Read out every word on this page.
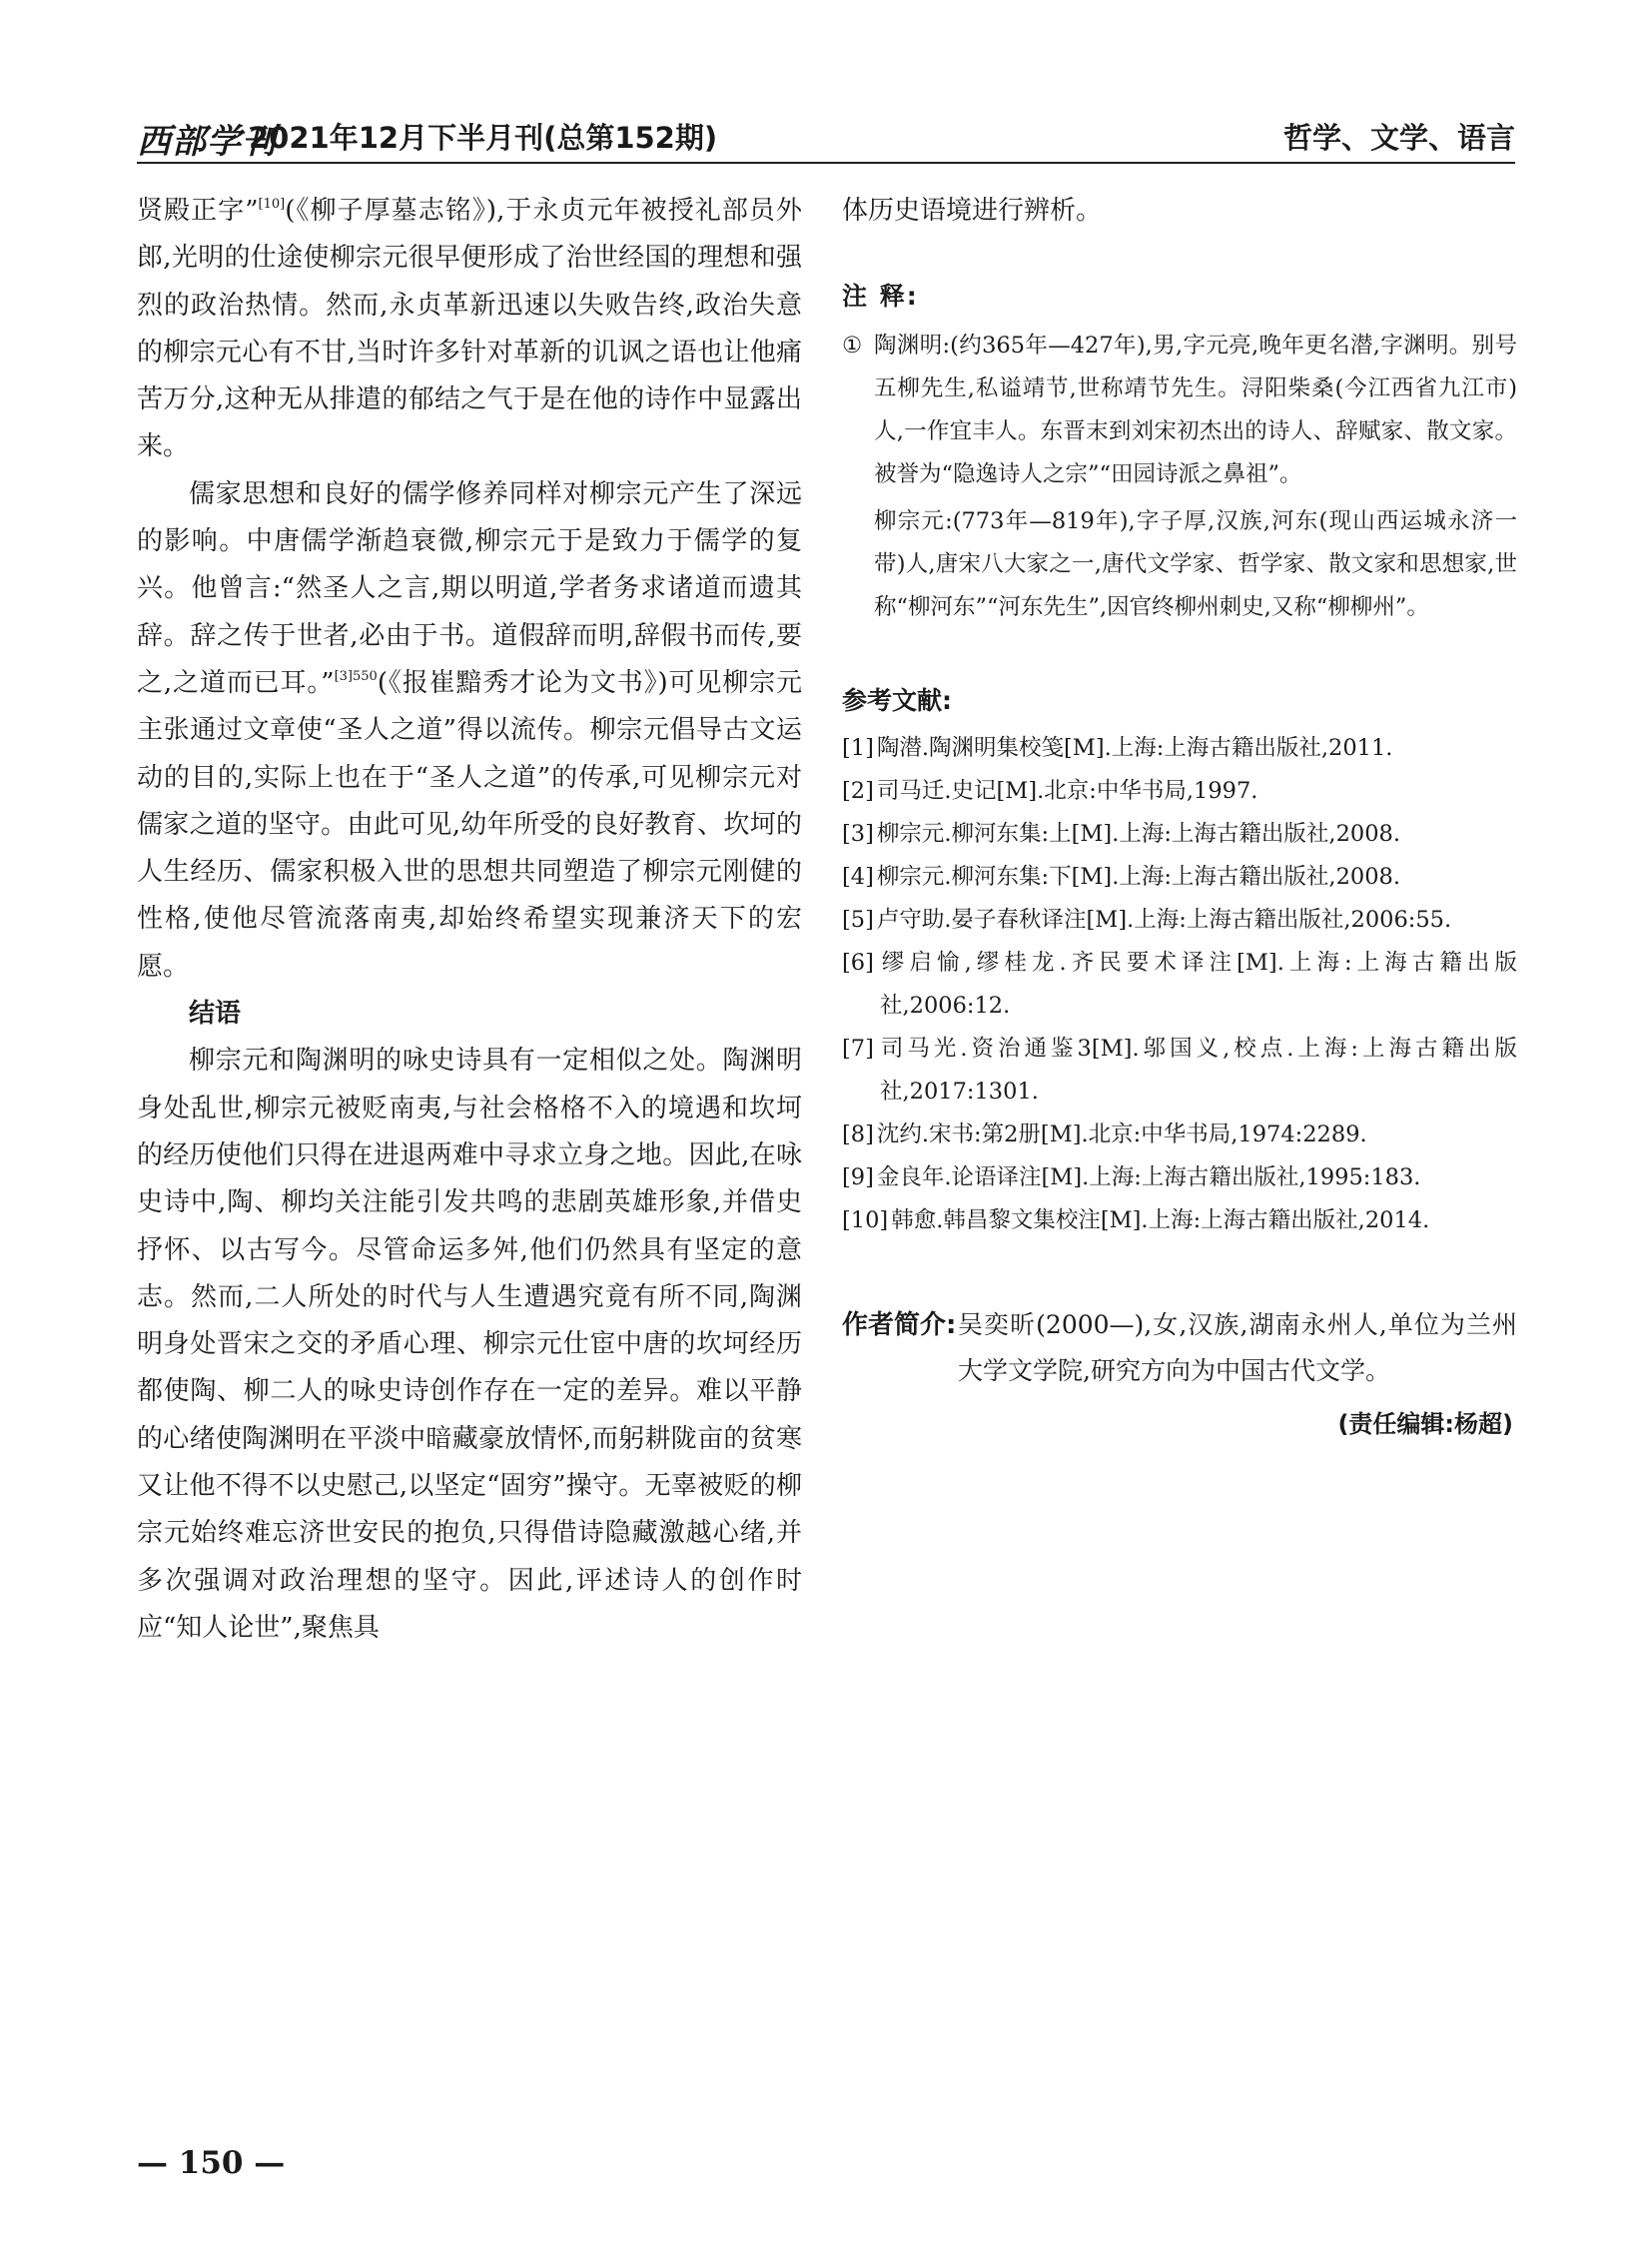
西部学刊
2021年12月下半月刊(总第152期)	哲学、文学、语言

贤殿正字”[10](《柳子厚墓志铭》),于永贞元年被授礼部员外郎,光明的仕途使柳宗元很早便形成了治世经国的理想和强烈的政治热情。然而,永贞革新迅速以失败告终,政治失意的柳宗元心有不甘,当时许多针对革新的讥讽之语也让他痛苦万分,这种无从排遣的郁结之气于是在他的诗作中显露出来。

儒家思想和良好的儒学修养同样对柳宗元产生了深远的影响。中唐儒学渐趋衰微,柳宗元于是致力于儒学的复兴。他曾言:“然圣人之言,期以明道,学者务求诸道而遗其辞。辞之传于世者,必由于书。道假辞而明,辞假书而传,要之,之道而已耳。”$^{[3]550}$(《报崔黯秀才论为文书》)可见柳宗元主张通过文章使“圣人之道”得以流传。柳宗元倡导古文运动的目的,实际上也在于“圣人之道”的传承,可见柳宗元对儒家之道的坚守。由此可见,幼年所受的良好教育、坎坷的人生经历、儒家积极入世的思想共同塑造了柳宗元刚健的性格,使他尽管流落南夷,却始终希望实现兼济天下的宏愿。

结语

柳宗元和陶渊明的咏史诗具有一定相似之处。陶渊明身处乱世,柳宗元被贬南夷,与社会格格不入的境遇和坎坷的经历使他们只得在进退两难中寻求立身之地。因此,在咏史诗中,陶、柳均关注能引发共鸣的悲剧英雄形象,并借史抒怀、以古写今。尽管命运多舛,他们仍然具有坚定的意志。然而,二人所处的时代与人生遭遇究竟有所不同,陶渊明身处晋宋之交的矛盾心理、柳宗元仕宦中唐的坎坷经历都使陶、柳二人的咏史诗创作存在一定的差异。难以平静的心绪使陶渊明在平淡中暗藏豪放情怀,而躬耕陇亩的贫寒又让他不得不以史慰己,以坚定“固穷”操守。无辜被贬的柳宗元始终难忘济世安民的抱负,只得借诗隐藏激越心绪,并多次强调对政治理想的坚守。因此,评述诗人的创作时应“知人论世”,聚焦具

体历史语境进行辨析。

注 释:

① 陶渊明:(约365年—427年),男,字元亮,晚年更名潜,字渊明。别号五柳先生,私谥靖节,世称靖节先生。浔阳柴桑(今江西省九江市)人,一作宜丰人。东晋末到刘宋初杰出的诗人、辞赋家、散文家。被誉为“隐逸诗人之宗”“田园诗派之鼻祖”。

柳宗元:(773年—819年),字子厚,汉族,河东(现山西运城永济一带)人,唐宋八大家之一,唐代文学家、哲学家、散文家和思想家,世称“柳河东”“河东先生”,因官终柳州刺史,又称“柳柳州”。

参考文献:

[1] 陶潜.陶渊明集校笺[M].上海:上海古籍出版社,2011.

[2] 司马迁.史记[M].北京:中华书局,1997.

[3] 柳宗元.柳河东集:上[M].上海:上海古籍出版社,2008.

[4] 柳宗元.柳河东集:下[M].上海:上海古籍出版社,2008.

[5] 卢守助.晏子春秋译注[M].上海:上海古籍出版社,2006:55.

[6] 缪启愉,缪桂龙.齐民要术译注[M].上海:上海古籍出版社,2006:12.

[7] 司马光.资治通鉴3[M].邬国义,校点.上海:上海古籍出版社,2017:1301.

[8] 沈约.宋书:第2册[M].北京:中华书局,1974:2289.

[9] 金良年.论语译注[M].上海:上海古籍出版社,1995:183.

[10] 韩愈.韩昌黎文集校注[M].上海:上海古籍出版社,2014.

作者简介: 吴奕昕(2000—),女,汉族,湖南永州人,单位为兰州大学文学院,研究方向为中国古代文学。
(责任编辑:杨超)
— 150 —
